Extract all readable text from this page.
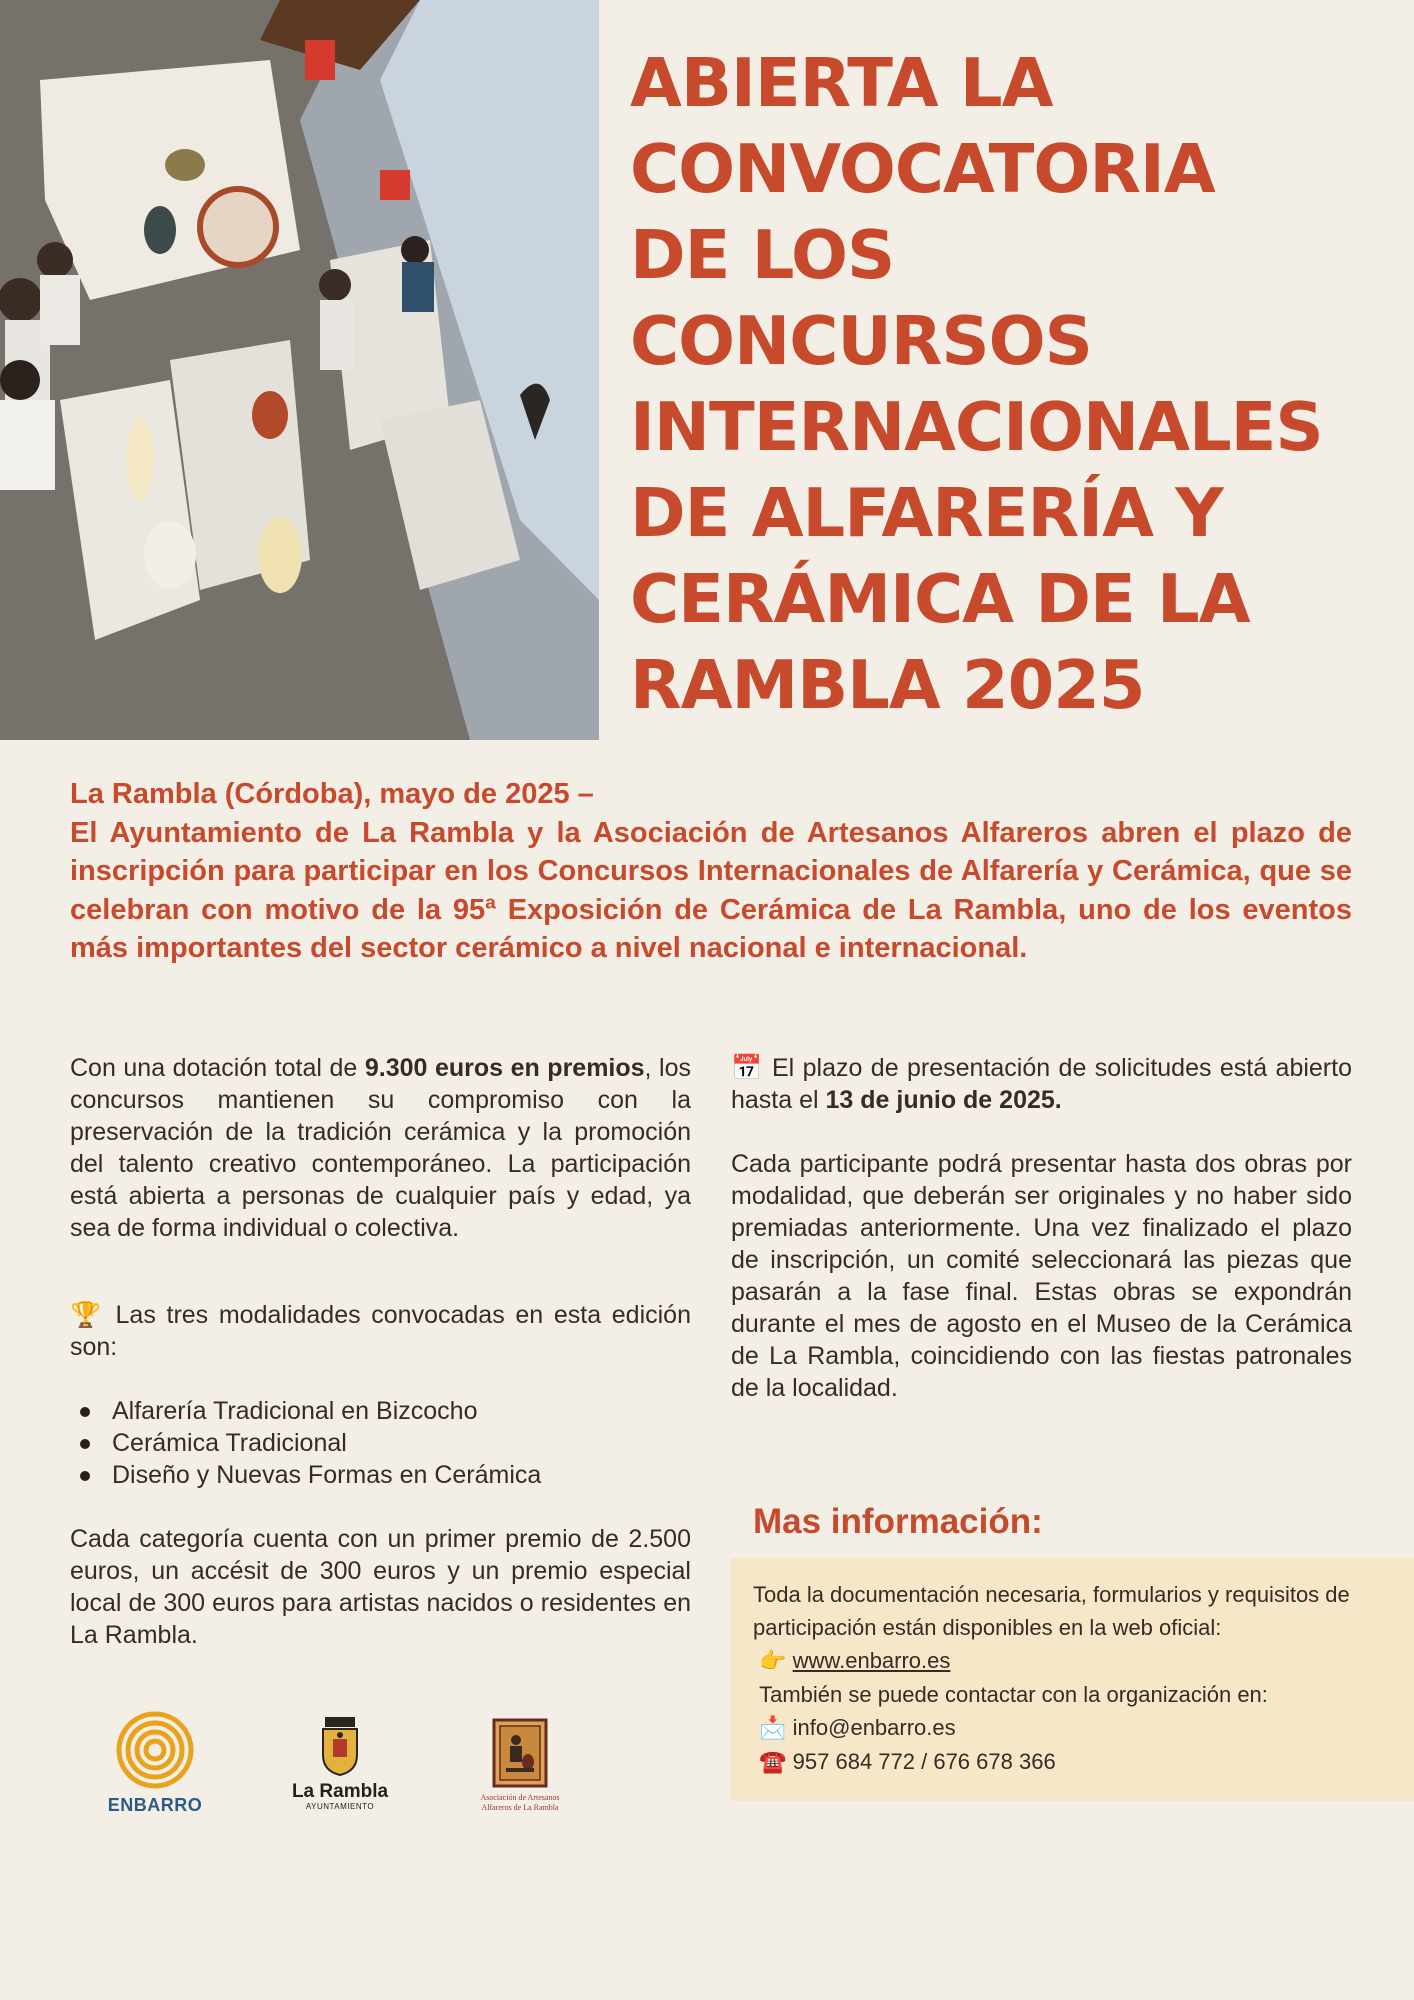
ABIERTA LA
CONVOCATORIA
DE LOS
CONCURSOS
INTERNACIONALES
DE ALFARERÍA Y
CERÁMICA DE LA
RAMBLA 2025
La Rambla (Córdoba), mayo de 2025 –
El Ayuntamiento de La Rambla y la Asociación de Artesanos Alfareros abren el plazo de inscripción para participar en los Concursos Internacionales de Alfarería y Cerámica, que se celebran con motivo de la 95ª Exposición de Cerámica de La Rambla, uno de los eventos más importantes del sector cerámico a nivel nacional e internacional.

Con una dotación total de 9.300 euros en premios, los concursos mantienen su compromiso con la preservación de la tradición cerámica y la promoción del talento creativo contemporáneo. La participación está abierta a personas de cualquier país y edad, ya sea de forma individual o colectiva.

🏆 Las tres modalidades convocadas en esta edición son:

Alfarería Tradicional en Bizcocho
Cerámica Tradicional
Diseño y Nuevas Formas en Cerámica

Cada categoría cuenta con un primer premio de 2.500 euros, un accésit de 300 euros y un premio especial local de 300 euros para artistas nacidos o residentes en La Rambla.

📅 El plazo de presentación de solicitudes está abierto hasta el 13 de junio de 2025.

Cada participante podrá presentar hasta dos obras por modalidad, que deberán ser originales y no haber sido premiadas anteriormente. Una vez finalizado el plazo de inscripción, un comité seleccionará las piezas que pasarán a la fase final. Estas obras se expondrán durante el mes de agosto en el Museo de la Cerámica de La Rambla, coincidiendo con las fiestas patronales de la localidad.

Mas información:
Toda la documentación necesaria, formularios y requisitos de participación están disponibles en la web oficial:
👉 www.enbarro.es
También se puede contactar con la organización en:
📩 info@enbarro.es
☎️ 957 684 772 / 676 678 366
ENBARRO
La Rambla
AYUNTAMIENTO
Asociación de Artesanos
Alfareros de La Rambla
